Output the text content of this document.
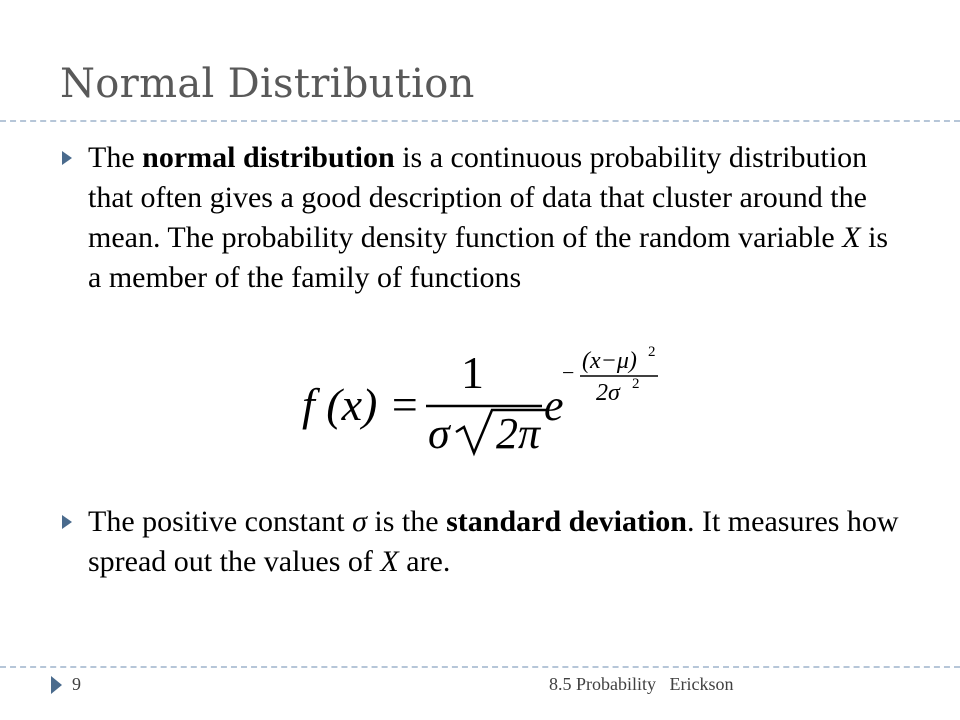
Normal Distribution

The normal distribution is a continuous probability distribution that often gives a good description of data that cluster around the mean. The probability density function of the random variable X is a member of the family of functions

f (x) =
1
σ 2π
e
− (x−μ) 2
2σ 2

The positive constant σ is the standard deviation. It measures how spread out the values of X are.

9	8.5 Probability   Erickson
